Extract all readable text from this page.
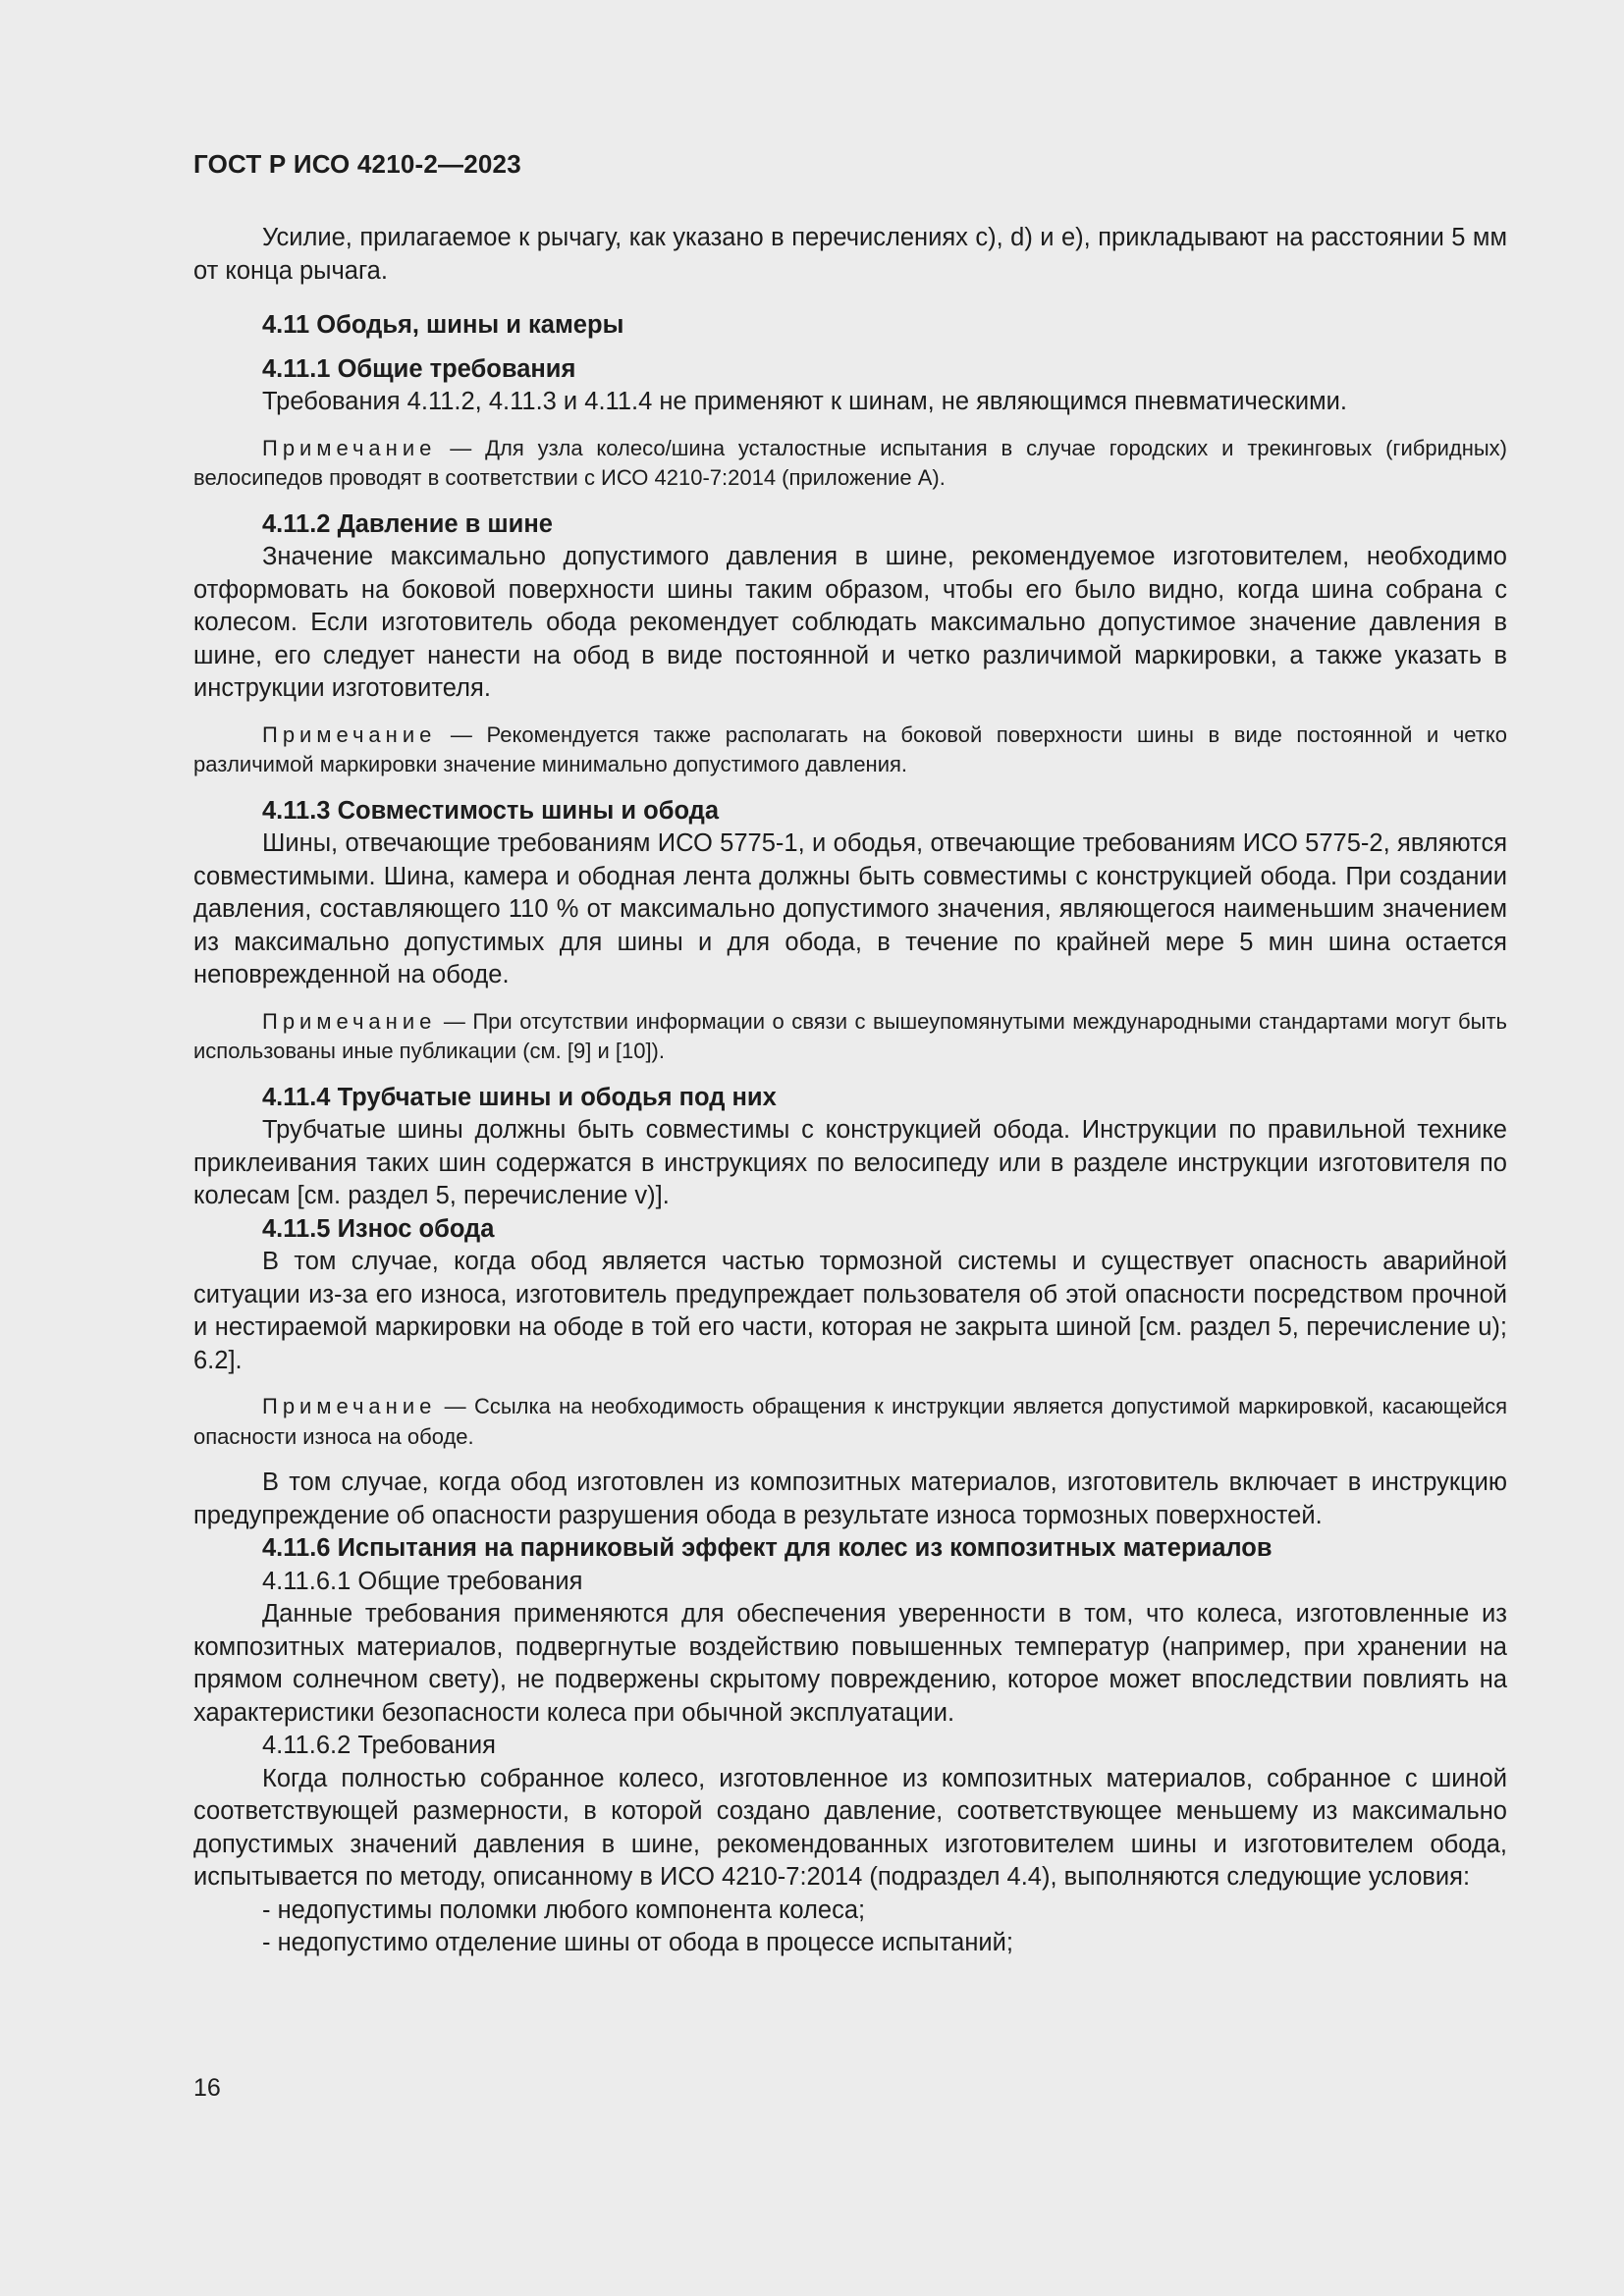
ГОСТ Р ИСО 4210-2—2023

Усилие, прилагаемое к рычагу, как указано в перечислениях с), d) и е), прикладывают на расстоянии 5 мм от конца рычага.

4.11 Ободья, шины и камеры

4.11.1 Общие требования

Требования 4.11.2, 4.11.3 и 4.11.4 не применяют к шинам, не являющимся пневматическими.

Примечание — Для узла колесо/шина усталостные испытания в случае городских и трекинговых (гибридных) велосипедов проводят в соответствии с ИСО 4210-7:2014 (приложение А).

4.11.2 Давление в шине

Значение максимально допустимого давления в шине, рекомендуемое изготовителем, необходимо отформовать на боковой поверхности шины таким образом, чтобы его было видно, когда шина собрана с колесом. Если изготовитель обода рекомендует соблюдать максимально допустимое значение давления в шине, его следует нанести на обод в виде постоянной и четко различимой маркировки, а также указать в инструкции изготовителя.

Примечание — Рекомендуется также располагать на боковой поверхности шины в виде постоянной и четко различимой маркировки значение минимально допустимого давления.

4.11.3 Совместимость шины и обода

Шины, отвечающие требованиям ИСО 5775-1, и ободья, отвечающие требованиям ИСО 5775-2, являются совместимыми. Шина, камера и ободная лента должны быть совместимы с конструкцией обода. При создании давления, составляющего 110 % от максимально допустимого значения, являющегося наименьшим значением из максимально допустимых для шины и для обода, в течение по крайней мере 5 мин шина остается неповрежденной на ободе.

Примечание — При отсутствии информации о связи с вышеупомянутыми международными стандартами могут быть использованы иные публикации (см. [9] и [10]).

4.11.4 Трубчатые шины и ободья под них

Трубчатые шины должны быть совместимы с конструкцией обода. Инструкции по правильной технике приклеивания таких шин содержатся в инструкциях по велосипеду или в разделе инструкции изготовителя по колесам [см. раздел 5, перечисление v)].

4.11.5 Износ обода

В том случае, когда обод является частью тормозной системы и существует опасность аварийной ситуации из-за его износа, изготовитель предупреждает пользователя об этой опасности посредством прочной и нестираемой маркировки на ободе в той его части, которая не закрыта шиной [см. раздел 5, перечисление u); 6.2].

Примечание — Ссылка на необходимость обращения к инструкции является допустимой маркировкой, касающейся опасности износа на ободе.

В том случае, когда обод изготовлен из композитных материалов, изготовитель включает в инструкцию предупреждение об опасности разрушения обода в результате износа тормозных поверхностей.

4.11.6 Испытания на парниковый эффект для колес из композитных материалов

4.11.6.1 Общие требования

Данные требования применяются для обеспечения уверенности в том, что колеса, изготовленные из композитных материалов, подвергнутые воздействию повышенных температур (например, при хранении на прямом солнечном свету), не подвержены скрытому повреждению, которое может впоследствии повлиять на характеристики безопасности колеса при обычной эксплуатации.

4.11.6.2 Требования

Когда полностью собранное колесо, изготовленное из композитных материалов, собранное с шиной соответствующей размерности, в которой создано давление, соответствующее меньшему из максимально допустимых значений давления в шине, рекомендованных изготовителем шины и изготовителем обода, испытывается по методу, описанному в ИСО 4210-7:2014 (подраздел 4.4), выполняются следующие условия:

- недопустимы поломки любого компонента колеса;

- недопустимо отделение шины от обода в процессе испытаний;

16
